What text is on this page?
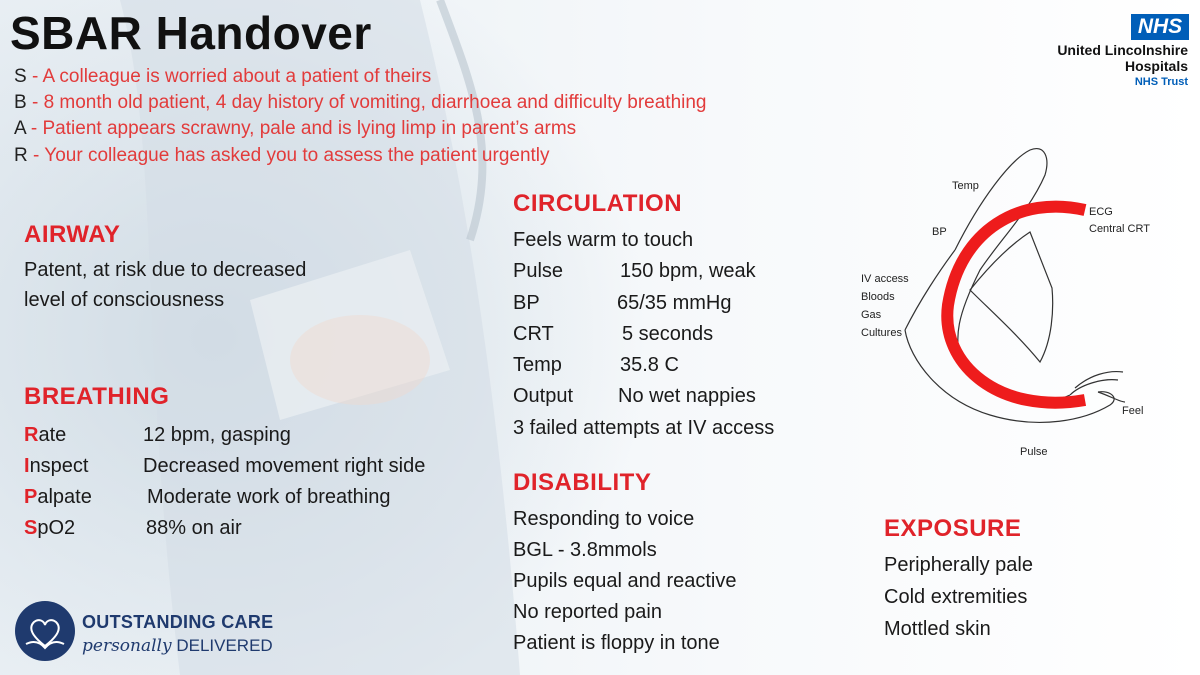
SBAR Handover	NHS
United Lincolnshire
Hospitals
NHS Trust
S - A colleague is worried about a patient of theirs
B - 8 month old patient, 4 day history of vomiting, diarrhoea and difficulty breathing
A - Patient appears scrawny, pale and is lying limp in parent’s arms
R - Your colleague has asked you to assess the patient urgently
AIRWAY
Patent, at risk due to decreased
level of consciousness
BREATHING
Rate	12 bpm, gasping
Inspect	Decreased movement right side
Palpate	Moderate work of breathing
SpO2	88% on air
CIRCULATION
Feels warm to touch
Pulse	150 bpm, weak
BP	65/35 mmHg
CRT	5 seconds
Temp	35.8 C
Output No wet nappies
3 failed attempts at IV access
DISABILITY
Responding to voice
BGL - 3.8mmols
Pupils equal and reactive
No reported pain
Patient is floppy in tone
EXPOSURE
Peripherally pale
Cold extremities
Mottled skin
Temp
BP
ECG
Central CRT
IV access
Bloods
Gas
Cultures
Feel
Pulse
OUTSTANDING CARE
personally DELIVERED
